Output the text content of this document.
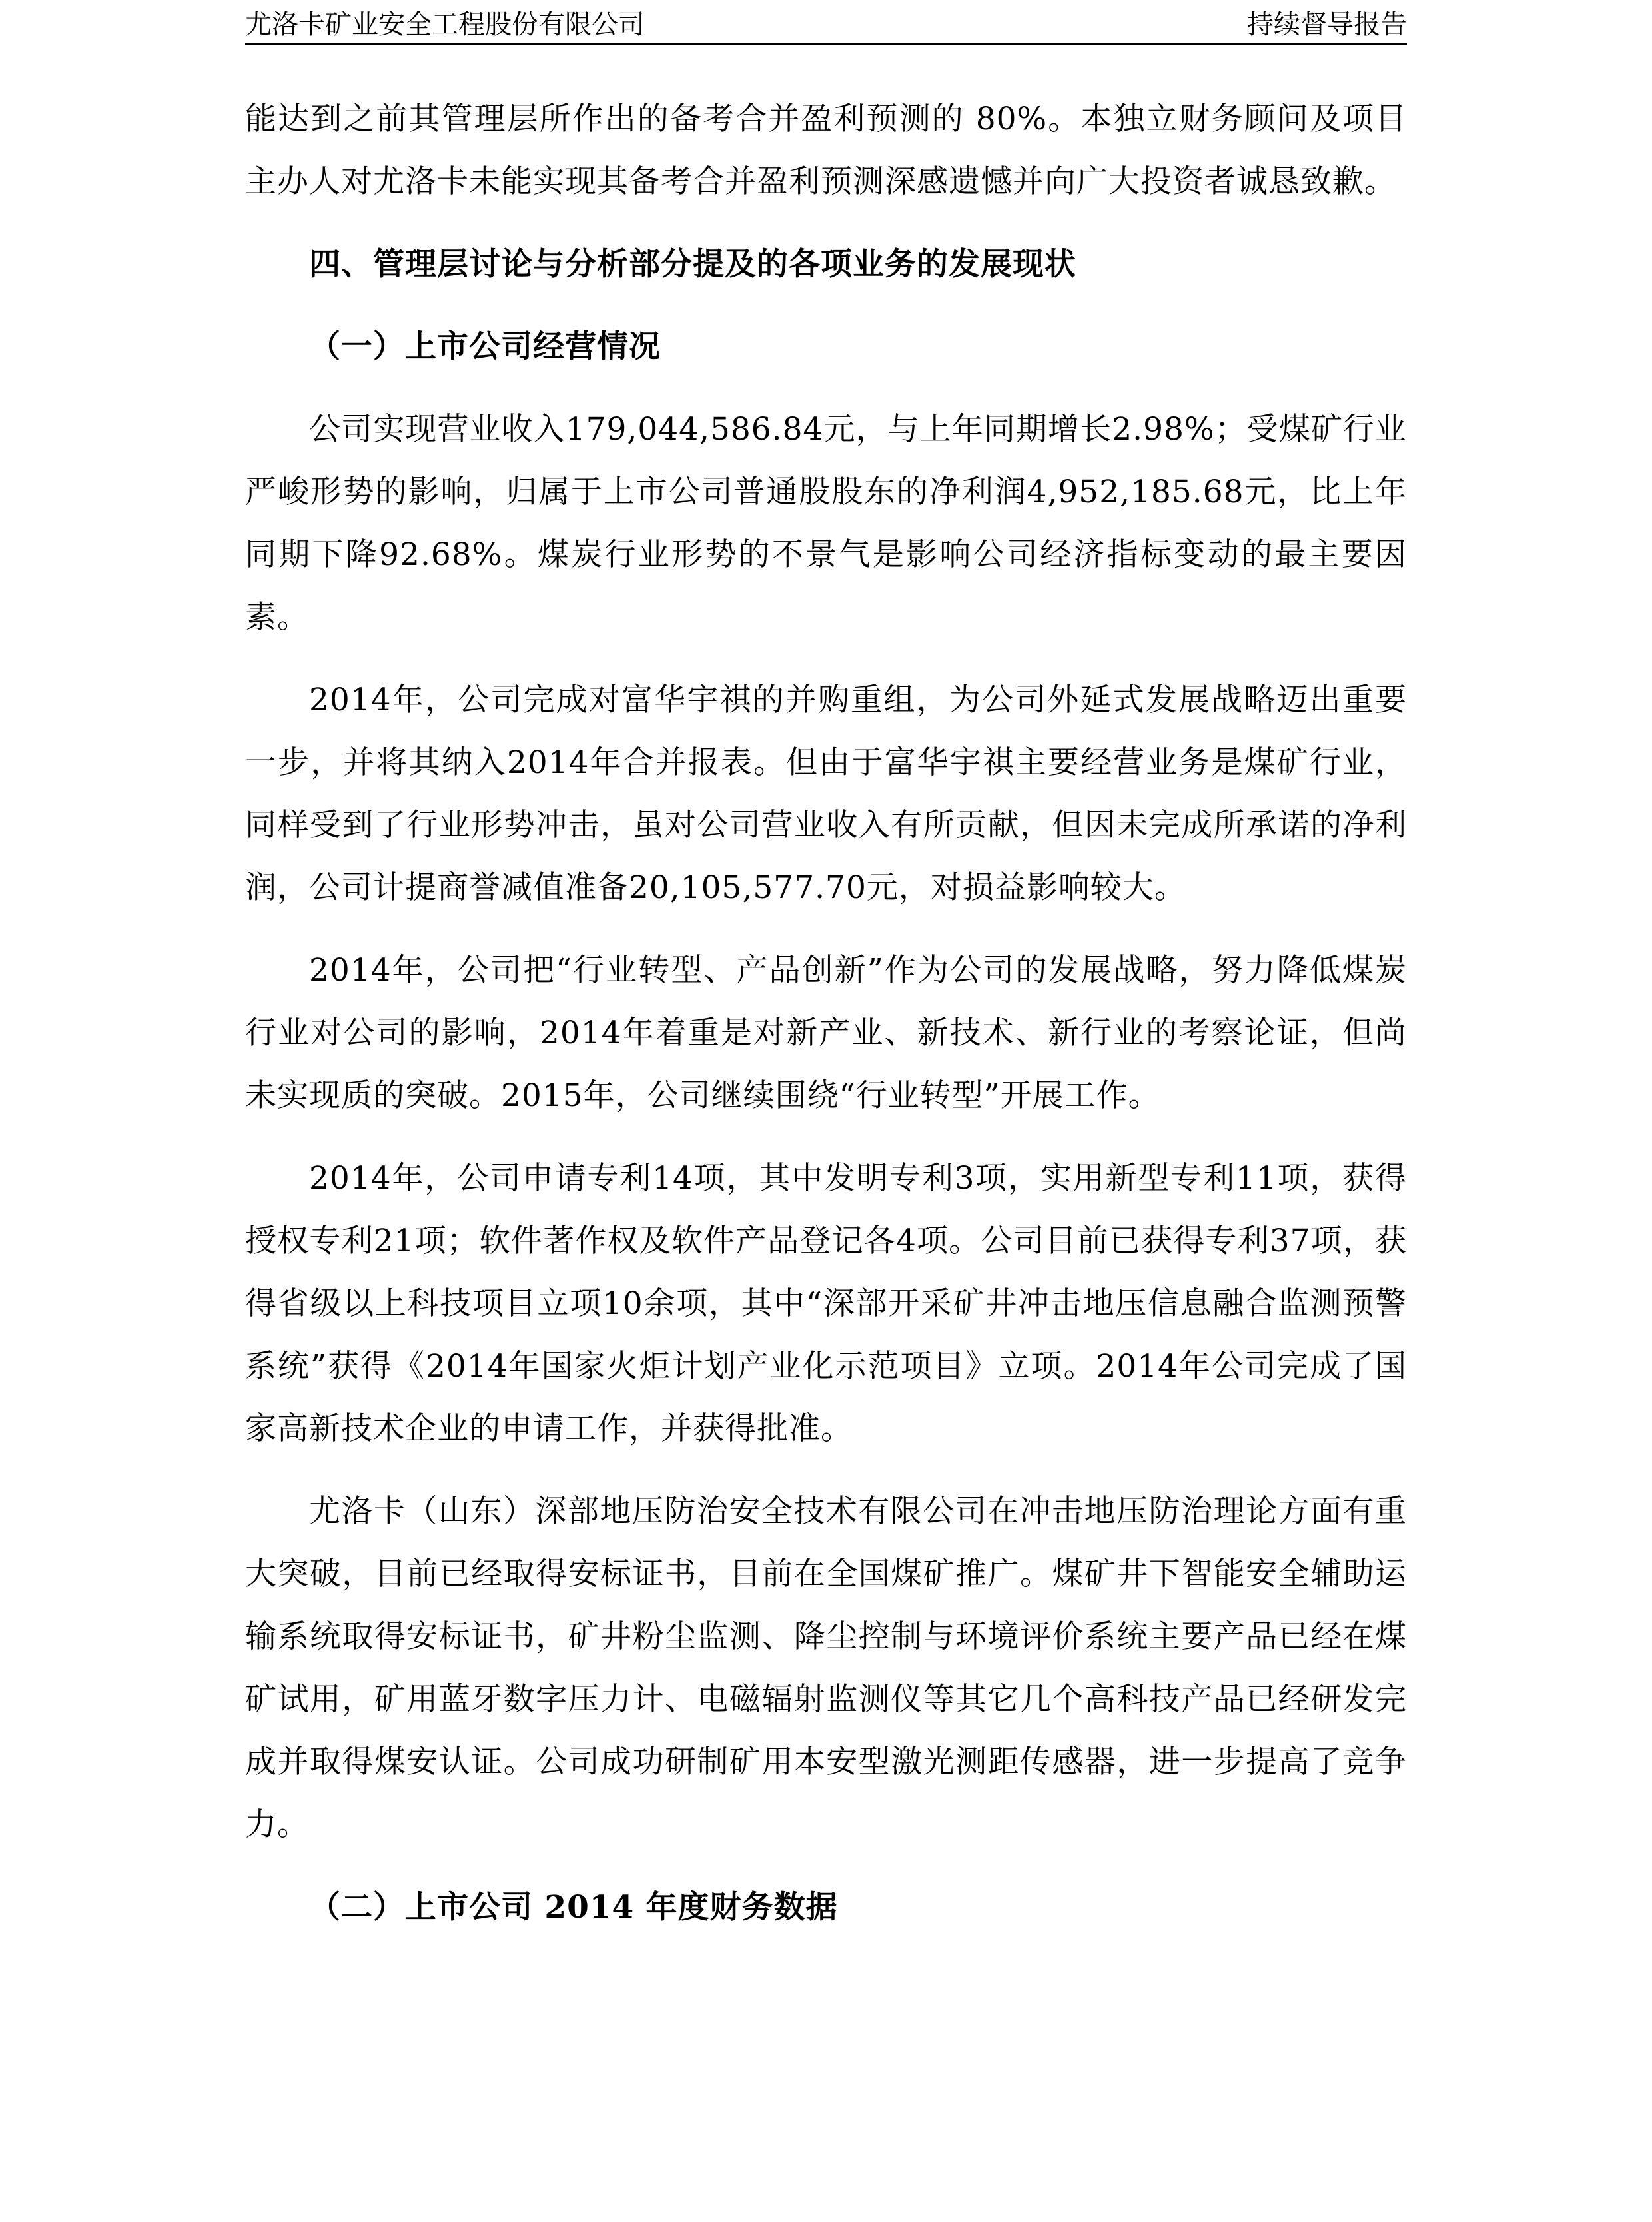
尤洛卡矿业安全工程股份有限公司	持续督导报告

能达到之前其管理层所作出的备考合并盈利预测的 80%。本独立财务顾问及项目主办人对尤洛卡未能实现其备考合并盈利预测深感遗憾并向广大投资者诚恳致歉。

四、管理层讨论与分析部分提及的各项业务的发展现状

（一）上市公司经营情况

公司实现营业收入179,044,586.84元，与上年同期增长2.98%；受煤矿行业严峻形势的影响，归属于上市公司普通股股东的净利润4,952,185.68元，比上年同期下降92.68%。煤炭行业形势的不景气是影响公司经济指标变动的最主要因素。

2014年，公司完成对富华宇祺的并购重组，为公司外延式发展战略迈出重要一步，并将其纳入2014年合并报表。但由于富华宇祺主要经营业务是煤矿行业，同样受到了行业形势冲击，虽对公司营业收入有所贡献，但因未完成所承诺的净利润，公司计提商誉减值准备20,105,577.70元，对损益影响较大。

2014年，公司把“行业转型、产品创新”作为公司的发展战略，努力降低煤炭行业对公司的影响，2014年着重是对新产业、新技术、新行业的考察论证，但尚未实现质的突破。2015年，公司继续围绕“行业转型”开展工作。

2014年，公司申请专利14项，其中发明专利3项，实用新型专利11项，获得授权专利21项；软件著作权及软件产品登记各4项。公司目前已获得专利37项，获得省级以上科技项目立项10余项，其中“深部开采矿井冲击地压信息融合监测预警系统”获得《2014年国家火炬计划产业化示范项目》立项。2014年公司完成了国家高新技术企业的申请工作，并获得批准。

尤洛卡（山东）深部地压防治安全技术有限公司在冲击地压防治理论方面有重大突破，目前已经取得安标证书，目前在全国煤矿推广。煤矿井下智能安全辅助运输系统取得安标证书，矿井粉尘监测、降尘控制与环境评价系统主要产品已经在煤矿试用，矿用蓝牙数字压力计、电磁辐射监测仪等其它几个高科技产品已经研发完成并取得煤安认证。公司成功研制矿用本安型激光测距传感器，进一步提高了竞争力。

（二）上市公司 2014 年度财务数据
